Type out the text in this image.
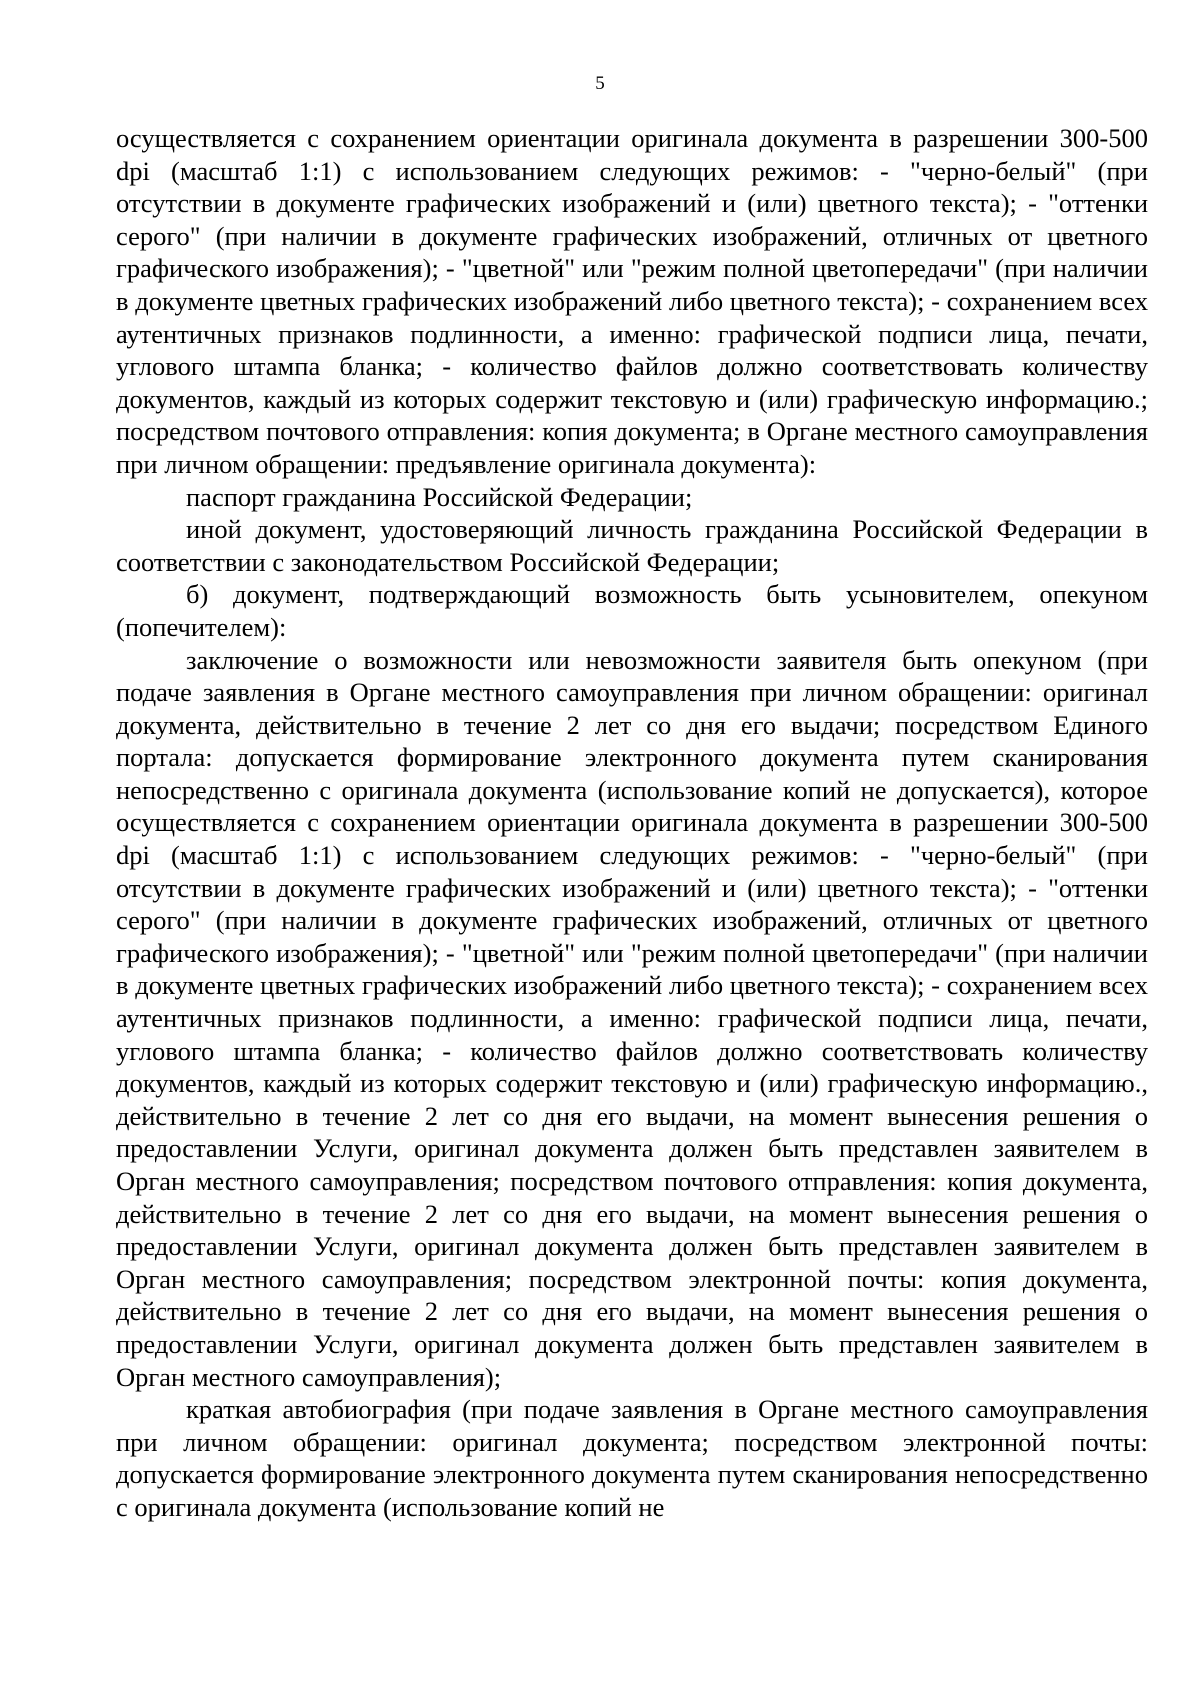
5

осуществляется с сохранением ориентации оригинала документа в разрешении 300-500 dpi (масштаб 1:1) с использованием следующих режимов: - "черно-белый" (при отсутствии в документе графических изображений и (или) цветного текста); - "оттенки серого" (при наличии в документе графических изображений, отличных от цветного графического изображения); - "цветной" или "режим полной цветопередачи" (при наличии в документе цветных графических изображений либо цветного текста); - сохранением всех аутентичных признаков подлинности, а именно: графической подписи лица, печати, углового штампа бланка; - количество файлов должно соответствовать количеству документов, каждый из которых содержит текстовую и (или) графическую информацию.; посредством почтового отправления: копия документа; в Органе местного самоуправления при личном обращении: предъявление оригинала документа):

паспорт гражданина Российской Федерации;

иной документ, удостоверяющий личность гражданина Российской Федерации в соответствии с законодательством Российской Федерации;

б) документ, подтверждающий возможность быть усыновителем, опекуном (попечителем):

заключение о возможности или невозможности заявителя быть опекуном (при подаче заявления в Органе местного самоуправления при личном обращении: оригинал документа, действительно в течение 2 лет со дня его выдачи; посредством Единого портала: допускается формирование электронного документа путем сканирования непосредственно с оригинала документа (использование копий не допускается), которое осуществляется с сохранением ориентации оригинала документа в разрешении 300-500 dpi (масштаб 1:1) с использованием следующих режимов: - "черно-белый" (при отсутствии в документе графических изображений и (или) цветного текста); - "оттенки серого" (при наличии в документе графических изображений, отличных от цветного графического изображения); - "цветной" или "режим полной цветопередачи" (при наличии в документе цветных графических изображений либо цветного текста); - сохранением всех аутентичных признаков подлинности, а именно: графической подписи лица, печати, углового штампа бланка; - количество файлов должно соответствовать количеству документов, каждый из которых содержит текстовую и (или) графическую информацию., действительно в течение 2 лет со дня его выдачи, на момент вынесения решения о предоставлении Услуги, оригинал документа должен быть представлен заявителем в Орган местного самоуправления; посредством почтового отправления: копия документа, действительно в течение 2 лет со дня его выдачи, на момент вынесения решения о предоставлении Услуги, оригинал документа должен быть представлен заявителем в Орган местного самоуправления; посредством электронной почты: копия документа, действительно в течение 2 лет со дня его выдачи, на момент вынесения решения о предоставлении Услуги, оригинал документа должен быть представлен заявителем в Орган местного самоуправления);

краткая автобиография (при подаче заявления в Органе местного самоуправления при личном обращении: оригинал документа; посредством электронной почты: допускается формирование электронного документа путем сканирования непосредственно с оригинала документа (использование копий не
